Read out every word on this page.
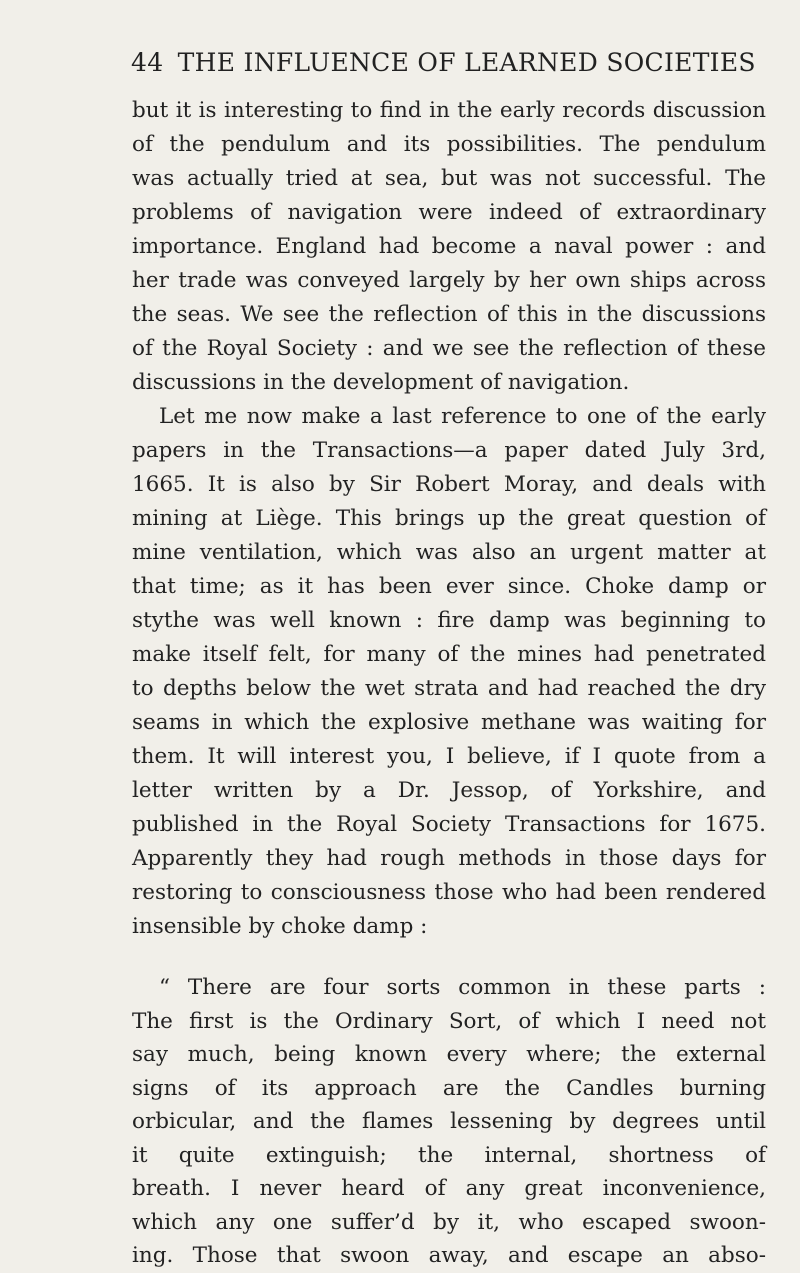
44 THE INFLUENCE OF LEARNED SOCIETIES
but it is interesting to find in the early records discussion
of the pendulum and its possibilities. The pendulum
was actually tried at sea, but was not successful. The
problems of navigation were indeed of extraordinary
importance. England had become a naval power : and
her trade was conveyed largely by her own ships across
the seas. We see the reflection of this in the discussions
of the Royal Society : and we see the reflection of these
discussions in the development of navigation.
Let me now make a last reference to one of the early
papers in the Transactions—a paper dated July 3rd,
1665. It is also by Sir Robert Moray, and deals with
mining at Liège. This brings up the great question of
mine ventilation, which was also an urgent matter at
that time; as it has been ever since. Choke damp or
stythe was well known : fire damp was beginning to
make itself felt, for many of the mines had penetrated
to depths below the wet strata and had reached the dry
seams in which the explosive methane was waiting for
them. It will interest you, I believe, if I quote from a
letter written by a Dr. Jessop, of Yorkshire, and
published in the Royal Society Transactions for 1675.
Apparently they had rough methods in those days for
restoring to consciousness those who had been rendered
insensible by choke damp :
“ There are four sorts common in these parts :
The first is the Ordinary Sort, of which I need not
say much, being known every where; the external
signs of its approach are the Candles burning
orbicular, and the flames lessening by degrees until
it quite extinguish; the internal, shortness of
breath. I never heard of any great inconvenience,
which any one suffer’d by it, who escaped swoon-
ing. Those that swoon away, and escape an abso-
